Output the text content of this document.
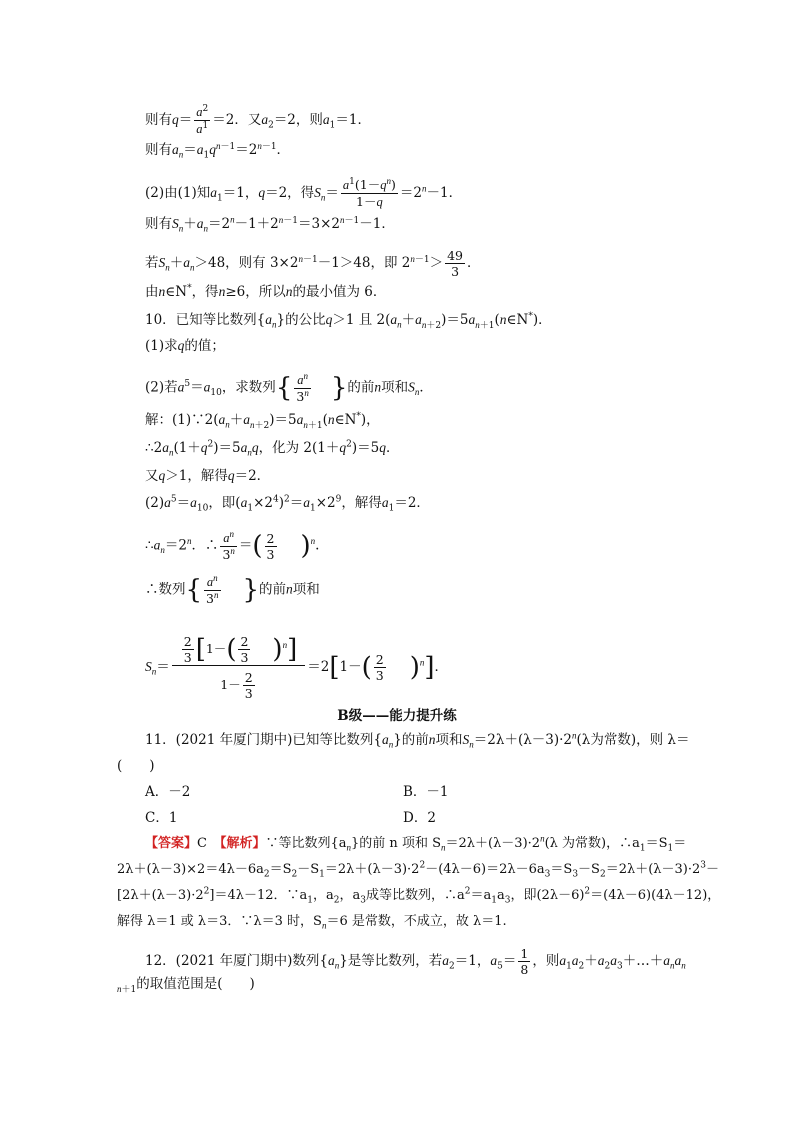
则有$q= \frac{a^2}{a^1} =2$．又$a_2=2$，则$a_1=1$．
则有$a_n=a_1q^{n-1}=2^{n-1}$．
(2)由(1)知$a_1=1$，q＝2，得$S_n= \frac{a^1(1-q^n)}{1-q} =2^n-1$．
则有$S_n+a_n=2^n-1+2^{n-1}=3\times 2^{n-1}-1$．
若$S_n+a_n>48$，则有 $3\times 2^{n-1}-1>48$，即 $2^{n-1}> \frac{49}{3}$ ．
由n∈N*，得n≥6，所以n的最小值为 6．
10．已知等比数列$\{a_n\}$的公比q＞1 且 $2(a_n+a_{n+2})=5a_{n+1}(n\in N^*)$．
(1)求q的值；
(2)若$a^5=a_{10}$，求数列{ $\frac{a^n}{3^n}$ }的前n项和$S_n$．
解：$(1)\because 2(a_n+a_{n+2})=5a_{n+1}(n\in N^*)$，
$\therefore 2a_n(1+q^2)=5a_nq$，化为 $2(1+q^2)=5q$．
又q＞1，解得q＝2．
$(2)a^5=a_{10}$，即$(a_1\times 2^4)^2=a_1\times 2^9$，解得$a_1=2$．
$\therefore a_n=2^n$．∴ $\frac{a^n}{3^n}$ ＝( $\frac{2}{3} )^n$.
∴数列{ $\frac{a^n}{3^n}$ }的前n项和
$S_n= \frac{\frac{2}{3} [1-( \frac{2}{3} )^n]}{1- \frac{2}{3}} =2[1-( \frac{2}{3} )^n]$．
B级——能力提升练
11．(2021 年厦门期中)已知等比数列$\{a_n\}$的前n项和$S_n=2\lambda+(\lambda-3)\cdot 2^n(\lambda$为常数)，则 λ＝
(　　)
A．－2	B．－1
C．1	D．2
【答案】C　 【解析】∵等比数列$\{a_n\}$的前 n 项和 $S_n=2\lambda+(\lambda-3)\cdot 2^n(\lambda$ 为常数)，$\therefore a_1=S_1=$
$2\lambda+(\lambda-3)\times 2=4\lambda-6a_2=S_2-S_1=2\lambda+(\lambda-3)\cdot 2^2-(4\lambda-6)=2\lambda-6a_3=S_3-S_2=2\lambda+(\lambda-3)\cdot 2^3-$
$[2\lambda+(\lambda-3)\cdot 2^2]=4\lambda-12$．$\because a_1$，$a_2$，$a_3$成等比数列，$\therefore a^2=a_1a_3$，即$(2\lambda-6)^2=(4\lambda-6)(4\lambda-12)$，
解得 λ＝1 或 λ＝3．∵λ＝3 时，$S_n=6$ 是常数，不成立，故 λ＝1.
12．(2021 年厦门期中)数列$\{a_n\}$是等比数列，若$a_2=1$，$a_5= \frac{1}{8}$ ，则$a_1a_2+a_2a_3+\dots+a_na_n$
$_{n+1}$的取值范围是(　　)
